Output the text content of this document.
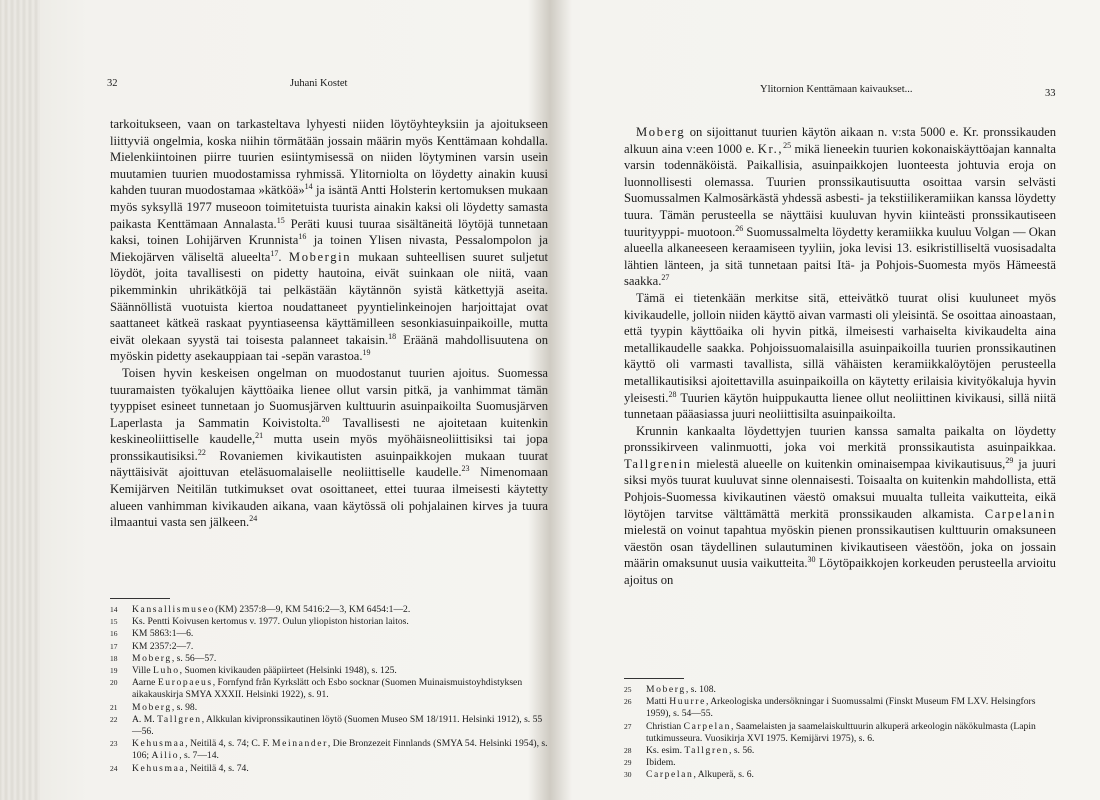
32	Juhani Kostet

tarkoitukseen, vaan on tarkasteltava lyhyesti niiden löytöyhteyksiin ja ajoitukseen liittyviä ongelmia, koska niihin törmätään jossain määrin myös Kenttämaan kohdalla. Mielenkiintoinen piirre tuurien esiintymisessä on niiden löytyminen varsin usein muutamien tuurien muodostamissa ryhmissä. Ylitorniolta on löydetty ainakin kuusi kahden tuuran muodostamaa »kätköä»$^{14}$ ja isäntä Antti Holsterin kertomuksen mukaan myös syksyllä 1977 museoon toimitetuista tuurista ainakin kaksi oli löydetty samasta paikasta Kenttämaan Annalasta.$^{15}$ Peräti kuusi tuuraa sisältäneitä löytöjä tunnetaan kaksi, toinen Lohijärven Krunnista$^{16}$ ja toinen Ylisen nivasta, Pessalompolon ja Miekojärven väliseltä alueelta$^{17}$. Mobergin mukaan suhteellisen suuret suljetut löydöt, joita tavallisesti on pidetty hautoina, eivät suinkaan ole niitä, vaan pikemminkin uhrikätköjä tai pelkästään käytännön syistä kätkettyjä aseita. Säännöllistä vuotuista kiertoa noudattaneet pyyntielinkeinojen harjoittajat ovat saattaneet kätkeä raskaat pyyntiaseensa käyttämilleen sesonkiasuinpaikoille, mutta eivät olekaan syystä tai toisesta palanneet takaisin.$^{18}$ Eräänä mahdollisuutena on myöskin pidetty asekauppiaan tai -sepän varastoa.$^{19}$

Toisen hyvin keskeisen ongelman on muodostanut tuurien ajoitus. Suomessa tuuramaisten työkalujen käyttöaika lienee ollut varsin pitkä, ja vanhimmat tämän tyyppiset esineet tunnetaan jo Suomusjärven kulttuurin asuinpaikoilta Suomusjärven Laperlasta ja Sammatin Koivistolta.$^{20}$ Tavallisesti ne ajoitetaan kuitenkin keskineoliittiselle kaudelle,$^{21}$ mutta usein myös myöhäisneoliittisiksi tai jopa pronssikautisiksi.$^{22}$ Rovaniemen kivikautisten asuinpaikkojen mukaan tuurat näyttäisivät ajoittuvan eteläsuomalaiselle neoliittiselle kaudelle.$^{23}$ Nimenomaan Kemijärven Neitilän tutkimukset ovat osoittaneet, ettei tuuraa ilmeisesti käytetty alueen vanhimman kivikauden aikana, vaan käytössä oli pohjalainen kirves ja tuura ilmaantui vasta sen jälkeen.$^{24}$

14 Kansallismuseo(KM) 2357:8—9, KM 5416:2—3, KM 6454:1—2.
15 Ks. Pentti Koivusen kertomus v. 1977. Oulun yliopiston historian laitos.
16 KM 5863:1—6.
17 KM 2357:2—7.
18 Moberg, s. 56—57.
19 Ville Luho, Suomen kivikauden pääpiirteet (Helsinki 1948), s. 125.
20 Aarne Europaeus, Fornfynd från Kyrkslätt och Esbo socknar (Suomen Muinaismuistoyhdistyksen aikakauskirja SMYA XXXII. Helsinki 1922), s. 91.
21 Moberg, s. 98.
22 A. M. Tallgren, Alkkulan kivipronssikautinen löytö (Suomen Museo SM 18/1911. Helsinki 1912), s. 55—56.
23 Kehusmaa, Neitilä 4, s. 74; C. F. Meinander, Die Bronzezeit Finnlands (SMYA 54. Helsinki 1954), s. 106; Ailio, s. 7—14.
24 Kehusmaa, Neitilä 4, s. 74.
Ylitornion Kenttämaan kaivaukset...	33

Moberg on sijoittanut tuurien käytön aikaan n. v:sta 5000 e. Kr. pronssikauden alkuun aina v:een 1000 e. Kr.,$^{25}$ mikä lieneekin tuurien kokonaiskäyttöajan kannalta varsin todennäköistä. Paikallisia, asuinpaikkojen luonteesta johtuvia eroja on luonnollisesti olemassa. Tuurien pronssikautisuutta osoittaa varsin selvästi Suomussalmen Kalmosärkästä yhdessä asbesti- ja tekstiilikeramiikan kanssa löydetty tuura. Tämän perusteella se näyttäisi kuuluvan hyvin kiinteästi pronssikautiseen tuurityyppi- muotoon.$^{26}$ Suomussalmelta löydetty keramiikka kuuluu Volgan — Okan alueella alkaneeseen keraamiseen tyyliin, joka levisi 13. esikristilliseltä vuosisadalta lähtien länteen, ja sitä tunnetaan paitsi Itä- ja Pohjois-Suomesta myös Hämeestä saakka.$^{27}$

Tämä ei tietenkään merkitse sitä, etteivätkö tuurat olisi kuuluneet myös kivikaudelle, jolloin niiden käyttö aivan varmasti oli yleisintä. Se osoittaa ainoastaan, että tyypin käyttöaika oli hyvin pitkä, ilmeisesti varhaiselta kivikaudelta aina metallikaudelle saakka. Pohjoissuomalaisilla asuinpaikoilla tuurien pronssikautinen käyttö oli varmasti tavallista, sillä vähäisten keramiikkalöytöjen perusteella metallikautisiksi ajoitettavilla asuinpaikoilla on käytetty erilaisia kivityökaluja hyvin yleisesti.$^{28}$ Tuurien käytön huippukautta lienee ollut neoliittinen kivikausi, sillä niitä tunnetaan pääasiassa juuri neoliittisilta asuinpaikoilta.

Krunnin kankaalta löydettyjen tuurien kanssa samalta paikalta on löydetty pronssikirveen valinmuotti, joka voi merkitä pronssikautista asuinpaikkaa. Tallgrenin mielestä alueelle on kuitenkin ominaisempaa kivikautisuus,$^{29}$ ja juuri siksi myös tuurat kuuluvat sinne olennaisesti. Toisaalta on kuitenkin mahdollista, että Pohjois-Suomessa kivikautinen väestö omaksui muualta tulleita vaikutteita, eikä löytöjen tarvitse välttämättä merkitä pronssikauden alkamista. Carpelanin mielestä on voinut tapahtua myöskin pienen pronssikautisen kulttuurin omaksuneen väestön osan täydellinen sulautuminen kivikautiseen väestöön, joka on jossain määrin omaksunut uusia vaikutteita.$^{30}$ Löytöpaikkojen korkeuden perusteella arvioitu ajoitus on

25 Moberg, s. 108.
26 Matti Huurre, Arkeologiska undersökningar i Suomussalmi (Finskt Museum FM LXV. Helsingfors 1959), s. 54—55.
27 Christian Carpelan, Saamelaisten ja saamelaiskulttuurin alkuperä arkeologin näkökulmasta (Lapin tutkimusseura. Vuosikirja XVI 1975. Kemijärvi 1975), s. 6.
28 Ks. esim. Tallgren, s. 56.
29 Ibidem.
30 Carpelan, Alkuperä, s. 6.
